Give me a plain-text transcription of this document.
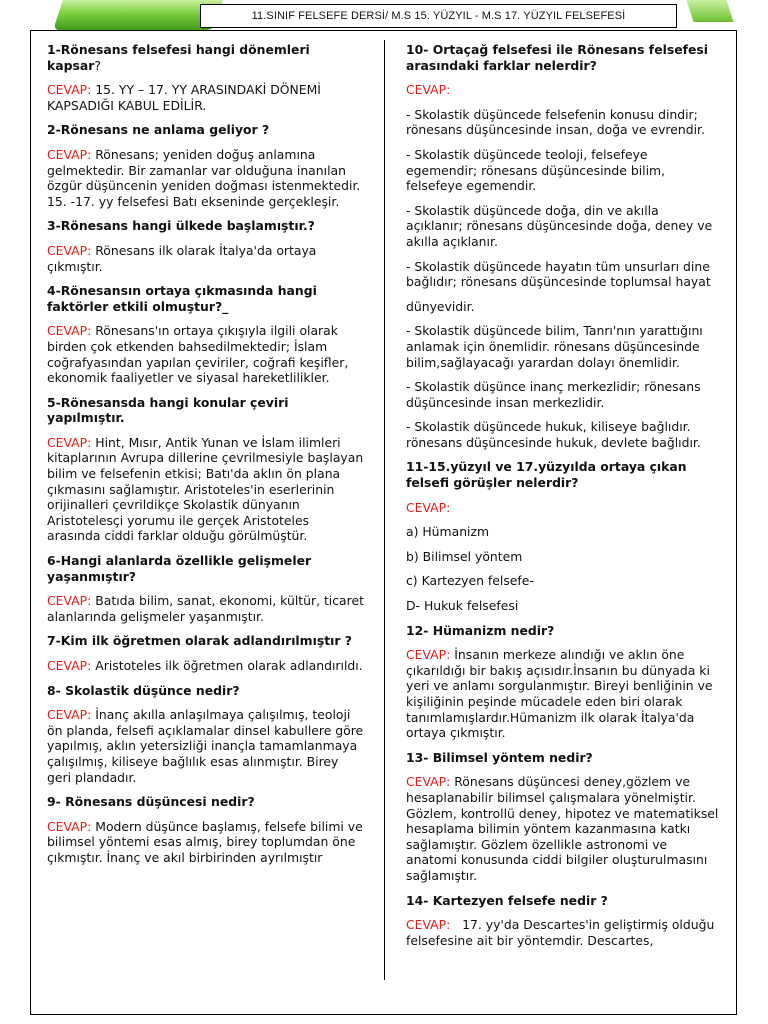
11.SINIF FELSEFE DERSİ/ M.S 15. YÜZYIL - M.S 17. YÜZYIL FELSEFESİ
1-Rönesans felsefesi hangi dönemleri kapsar?
CEVAP: 15. YY – 17. YY ARASINDAKİ DÖNEMİ KAPSADIĞI KABUL EDİLİR.
2-Rönesans ne anlama geliyor ?
CEVAP: Rönesans; yeniden doğuş anlamına gelmektedir. Bir zamanlar var olduğuna inanılan özgür düşüncenin yeniden doğması istenmektedir. 15. -17. yy felsefesi Batı ekseninde gerçekleşir.
3-Rönesans hangi ülkede başlamıştır.?
CEVAP: Rönesans ilk olarak İtalya'da ortaya çıkmıştır.
4-Rönesansın ortaya çıkmasında hangi faktörler etkili olmuştur?_
CEVAP: Rönesans'ın ortaya çıkışıyla ilgili olarak birden çok etkenden bahsedilmektedir; İslam coğrafyasından yapılan çeviriler, coğrafi keşifler, ekonomik faaliyetler ve siyasal hareketlilikler.
5-Rönesansda hangi konular çeviri yapılmıştır.
CEVAP: Hint, Mısır, Antik Yunan ve İslam ilimleri kitaplarının Avrupa dillerine çevrilmesiyle başlayan bilim ve felsefenin etkisi; Batı'da aklın ön plana çıkmasını sağlamıştır. Aristoteles'in eserlerinin orijinalleri çevrildikçe Skolastik dünyanın Aristotelesçi yorumu ile gerçek Aristoteles arasında ciddi farklar olduğu görülmüştür.
6-Hangi alanlarda özellikle gelişmeler yaşanmıştır?
CEVAP: Batıda bilim, sanat, ekonomi, kültür, ticaret alanlarında gelişmeler yaşanmıştır.
7-Kim ilk öğretmen olarak adlandırılmıştır ?
CEVAP: Aristoteles ilk öğretmen olarak adlandırıldı.
8- Skolastik düşünce nedir?
CEVAP: İnanç akılla anlaşılmaya çalışılmış, teoloji ön planda, felsefi açıklamalar dinsel kabullere göre yapılmış, aklın yetersizliği inançla tamamlanmaya çalışılmış, kiliseye bağlılık esas alınmıştır. Birey geri plandadır.
9- Rönesans düşüncesi nedir?
CEVAP: Modern düşünce başlamış, felsefe bilimi ve bilimsel yöntemi esas almış, birey toplumdan öne çıkmıştır. İnanç ve akıl birbirinden ayrılmıştır
10- Ortaçağ felsefesi ile Rönesans felsefesi arasındaki farklar nelerdir?
CEVAP:
- Skolastik düşüncede felsefenin konusu dindir; rönesans düşüncesinde insan, doğa ve evrendir.
- Skolastik düşüncede teoloji, felsefeye egemendir; rönesans düşüncesinde bilim, felsefeye egemendir.
- Skolastik düşüncede doğa, din ve akılla açıklanır; rönesans düşüncesinde doğa, deney ve akılla açıklanır.
- Skolastik düşüncede hayatın tüm unsurları dine bağlıdır; rönesans düşüncesinde toplumsal hayat
dünyevidir.
- Skolastik düşüncede bilim, Tanrı'nın yarattığını anlamak için önemlidir. rönesans düşüncesinde bilim,sağlayacağı yarardan dolayı önemlidir.
- Skolastik düşünce inanç merkezlidir; rönesans düşüncesinde insan merkezlidir.
- Skolastik düşüncede hukuk, kiliseye bağlıdır. rönesans düşüncesinde hukuk, devlete bağlıdır.
11-15.yüzyıl ve 17.yüzyılda ortaya çıkan felsefi görüşler nelerdir?
CEVAP:
a) Hümanizm
b) Bilimsel yöntem
c) Kartezyen felsefe-
D- Hukuk felsefesi
12- Hümanizm nedir?
CEVAP: İnsanın merkeze alındığı ve aklın öne çıkarıldığı bir bakış açısıdır.İnsanın bu dünyada ki yeri ve anlamı sorgulanmıştır. Bireyi benliğinin ve kişiliğinin peşinde mücadele eden biri olarak tanımlamışlardır.Hümanizm ilk olarak İtalya'da ortaya çıkmıştır.
13- Bilimsel yöntem nedir?
CEVAP: Rönesans düşüncesi deney,gözlem ve hesaplanabilir bilimsel çalışmalara yönelmiştir. Gözlem, kontrollü deney, hipotez ve matematiksel hesaplama bilimin yöntem kazanmasına katkı sağlamıştır. Gözlem özellikle astronomi ve anatomi konusunda ciddi bilgiler oluşturulmasını sağlamıştır.
14- Kartezyen felsefe nedir ?
CEVAP:   17. yy'da Descartes'in geliştirmiş olduğu felsefesine ait bir yöntemdir. Descartes,
